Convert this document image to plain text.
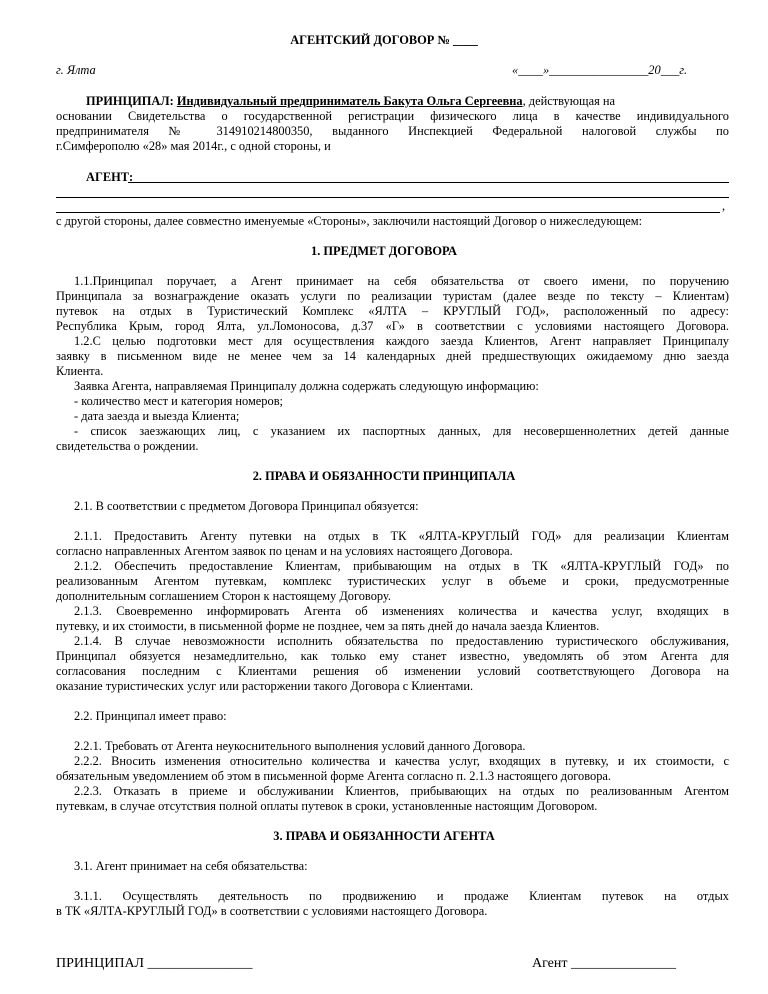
АГЕНТСКИЙ ДОГОВОР № ____
г. Ялта	«____»________________20___г.
ПРИНЦИПАЛ: Индивидуальный предприниматель Бакута Ольга Сергеевна, действующая на
основании Свидетельства о государственной регистрации физического лица в качестве индивидуального
предпринимателя № 314910214800350, выданного Инспекцией Федеральной налоговой службы по
г.Симферополю «28» мая 2014г., с одной стороны, и
АГЕНТ:
,
с другой стороны, далее совместно именуемые «Стороны», заключили настоящий Договор о нижеследующем:
1. ПРЕДМЕТ ДОГОВОРА
1.1.Принципал поручает, а Агент принимает на себя обязательства от своего имени, по поручению
Принципала за вознаграждение оказать услуги по реализации туристам (далее везде по тексту – Клиентам)
путевок на отдых в Туристический Комплекс «ЯЛТА – КРУГЛЫЙ ГОД», расположенный по адресу:
Республика Крым, город Ялта, ул.Ломоносова, д.37 «Г» в соответствии с условиями настоящего Договора.
1.2.С целью подготовки мест для осуществления каждого заезда Клиентов, Агент направляет Принципалу
заявку в письменном виде не менее чем за 14 календарных дней предшествующих ожидаемому дню заезда
Клиента.
Заявка Агента, направляемая Принципалу должна содержать следующую информацию:
- количество мест и категория номеров;
- дата заезда и выезда Клиента;
- список заезжающих лиц, с указанием их паспортных данных, для несовершеннолетних детей данные
свидетельства о рождении.
2. ПРАВА И ОБЯЗАННОСТИ ПРИНЦИПАЛА
2.1. В соответствии с предметом Договора Принципал обязуется:
2.1.1. Предоставить Агенту путевки на отдых в ТК «ЯЛТА-КРУГЛЫЙ ГОД» для реализации Клиентам
согласно направленных Агентом заявок по ценам и на условиях настоящего Договора.
2.1.2. Обеспечить предоставление Клиентам, прибывающим на отдых в ТК «ЯЛТА-КРУГЛЫЙ ГОД» по
реализованным Агентом путевкам, комплекс туристических услуг в объеме и сроки, предусмотренные
дополнительным соглашением Сторон к настоящему Договору.
2.1.3. Своевременно информировать Агента об изменениях количества и качества услуг, входящих в
путевку, и их стоимости, в письменной форме не позднее, чем за пять дней до начала заезда Клиентов.
2.1.4. В случае невозможности исполнить обязательства по предоставлению туристического обслуживания,
Принципал обязуется незамедлительно, как только ему станет известно, уведомлять об этом Агента для
согласования последним с Клиентами решения об изменении условий соответствующего Договора на
оказание туристических услуг или расторжении такого Договора с Клиентами.
2.2. Принципал имеет право:
2.2.1. Требовать от Агента неукоснительного выполнения условий данного Договора.
2.2.2. Вносить изменения относительно количества и качества услуг, входящих в путевку, и их стоимости, с
обязательным уведомлением об этом в письменной форме Агента согласно п. 2.1.3 настоящего договора.
2.2.3. Отказать в приеме и обслуживании Клиентов, прибывающих на отдых по реализованным Агентом
путевкам, в случае отсутствия полной оплаты путевок в сроки, установленные настоящим Договором.
3. ПРАВА И ОБЯЗАННОСТИ АГЕНТА
3.1. Агент принимает на себя обязательства:
3.1.1. Осуществлять деятельность по продвижению и продаже Клиентам путевок на отдых
в ТК «ЯЛТА-КРУГЛЫЙ ГОД» в соответствии с условиями настоящего Договора.
ПРИНЦИПАЛ _______________	Агент _______________
